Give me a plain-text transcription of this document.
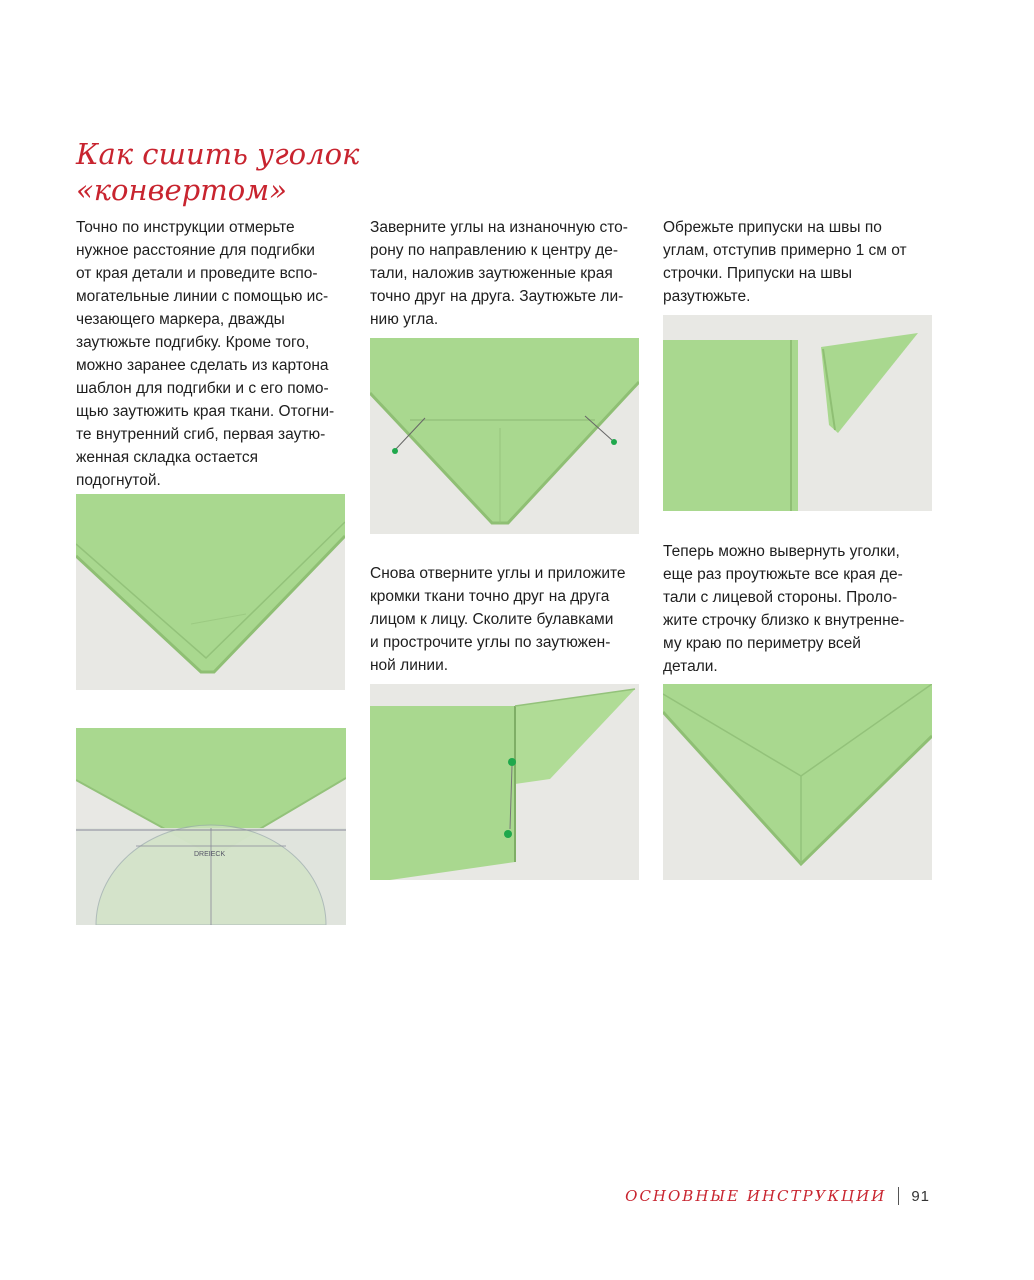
Как сшить уголок
«конвертом»

Точно по инструкции отмерьте
нужное расстояние для подгибки
от края детали и проведите вспо-
могательные линии с помощью ис-
чезающего маркера, дважды
заутюжьте подгибку. Кроме того,
можно заранее сделать из картона
шаблон для подгибки и с его помо-
щью заутюжить края ткани. Отогни-
те внутренний сгиб, первая заутю-
женная складка остается
подогнутой.

DREIECK

Заверните углы на изнаночную сто-
рону по направлению к центру де-
тали, наложив заутюженные края
точно друг на друга. Заутюжьте ли-
нию угла.

Снова отверните углы и приложите
кромки ткани точно друг на друга
лицом к лицу. Сколите булавками
и прострочите углы по заутюжен-
ной линии.

Обрежьте припуски на швы по
углам, отступив примерно 1 см от
строчки. Припуски на швы
разутюжьте.

Теперь можно вывернуть уголки,
еще раз проутюжьте все края де-
тали с лицевой стороны. Проло-
жите строчку близко к внутренне-
му краю по периметру всей
детали.

ОСНОВНЫЕ ИНСТРУКЦИИ 91
